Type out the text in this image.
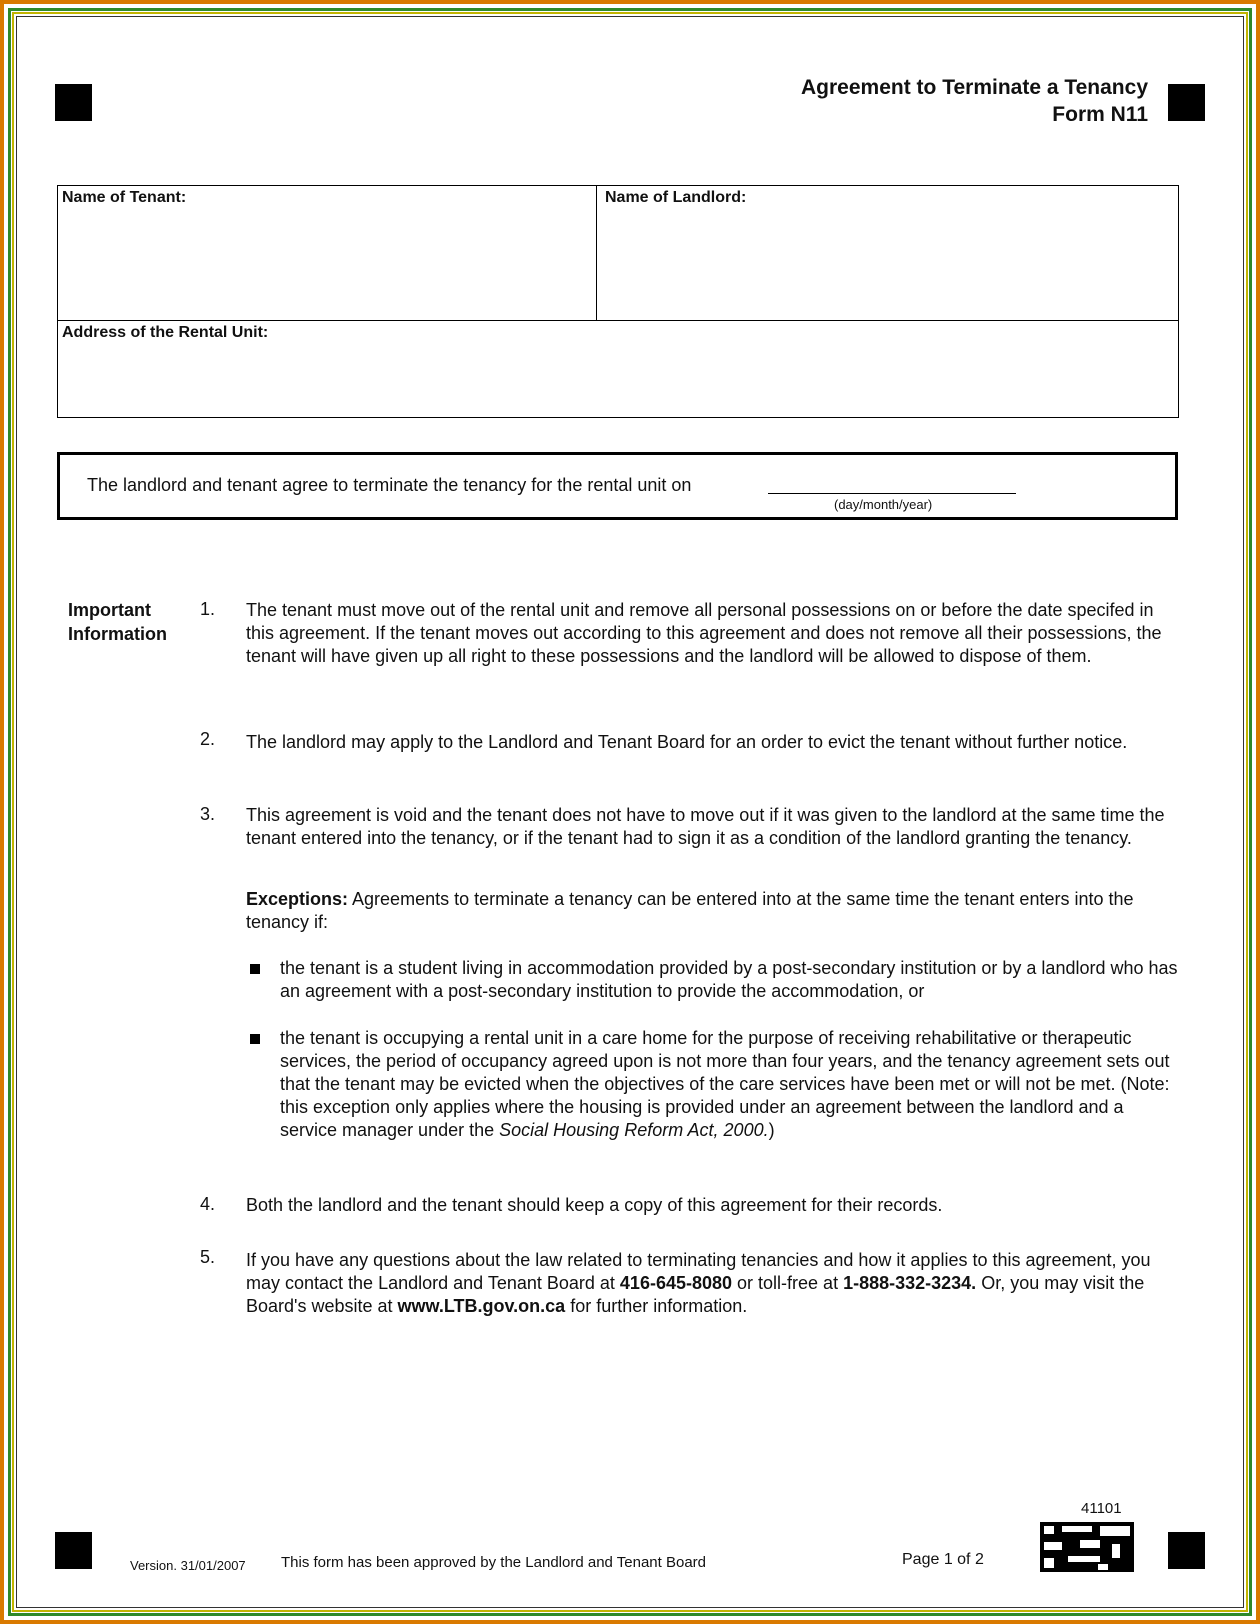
Agreement to Terminate a Tenancy
Form N11
Name of Tenant:	Name of Landlord:
Address of the Rental Unit:
The landlord and tenant agree to terminate the tenancy for the rental unit on
(day/month/year)
Important
Information
1. The tenant must move out of the rental unit and remove all personal possessions on or before the date specifed in this agreement. If the tenant moves out according to this agreement and does not remove all their possessions, the tenant will have given up all right to these possessions and the landlord will be allowed to dispose of them.
2. The landlord may apply to the Landlord and Tenant Board for an order to evict the tenant without further notice.
3. This agreement is void and the tenant does not have to move out if it was given to the landlord at the same time the tenant entered into the tenancy, or if the tenant had to sign it as a condition of the landlord granting the tenancy.
Exceptions: Agreements to terminate a tenancy can be entered into at the same time the tenant enters into the tenancy if:
the tenant is a student living in accommodation provided by a post-secondary institution or by a landlord who has an agreement with a post-secondary institution to provide the accommodation, or
the tenant is occupying a rental unit in a care home for the purpose of receiving rehabilitative or therapeutic services, the period of occupancy agreed upon is not more than four years, and the tenancy agreement sets out that the tenant may be evicted when the objectives of the care services have been met or will not be met. (Note: this exception only applies where the housing is provided under an agreement between the landlord and a service manager under the Social Housing Reform Act, 2000.)
4. Both the landlord and the tenant should keep a copy of this agreement for their records.
5. If you have any questions about the law related to terminating tenancies and how it applies to this agreement, you may contact the Landlord and Tenant Board at 416-645-8080 or toll-free at 1-888-332-3234. Or, you may visit the Board's website at www.LTB.gov.on.ca for further information.
41101
Version. 31/01/2007 This form has been approved by the Landlord and Tenant Board	Page 1 of 2
